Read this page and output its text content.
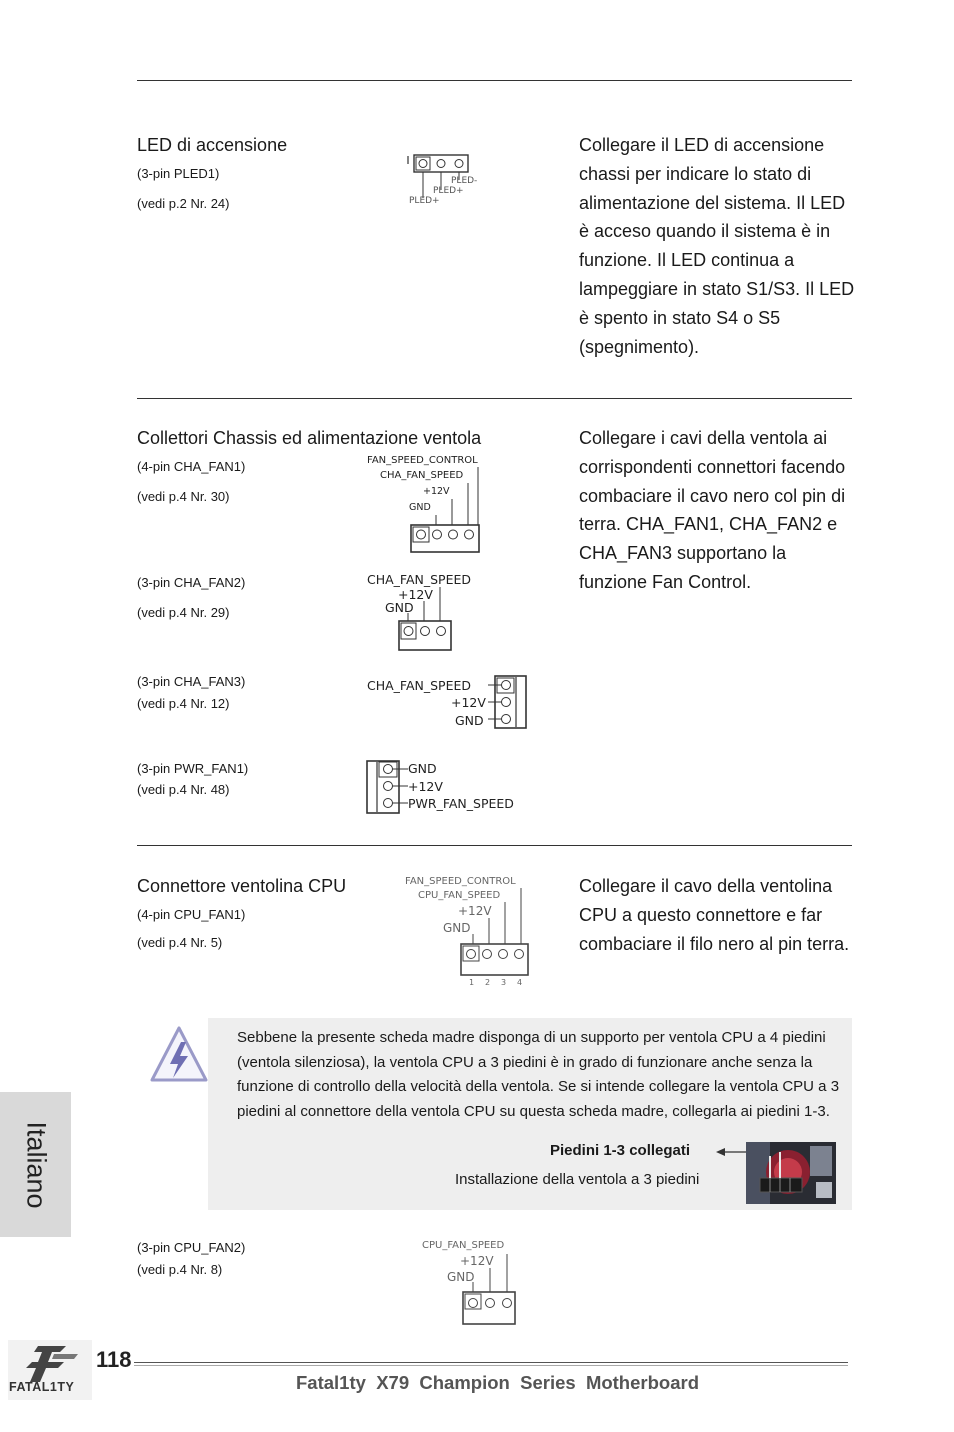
LED di accensione
(3-pin PLED1)
(vedi p.2 Nr. 24)
PLED-
PLED+
PLED+
Collegare il LED di accensione chassi per indicare lo stato di alimentazione del sistema. Il LED è acceso quando il sistema è in funzione. Il LED continua a lampeggiare in stato S1/S3. Il LED è spento in stato S4 o S5 (spegnimento).
Collettori Chassis ed alimentazione ventola	Collegare i cavi della ventola ai corrispondenti connettori facendo combaciare il cavo nero col pin di terra. CHA_FAN1, CHA_FAN2 e CHA_FAN3 supportano la funzione Fan Control.
(4-pin CHA_FAN1)
(vedi p.4 Nr. 30)
FAN_SPEED_CONTROL
CHA_FAN_SPEED
+12V
GND
(3-pin CHA_FAN2)
(vedi p.4 Nr. 29)
CHA_FAN_SPEED
+12V
GND
(3-pin CHA_FAN3)
(vedi p.4 Nr. 12)
CHA_FAN_SPEED
+12V
GND
(3-pin PWR_FAN1)
(vedi p.4 Nr. 48)
GND
+12V
PWR_FAN_SPEED
Connettore ventolina CPU
(4-pin CPU_FAN1)
(vedi p.4 Nr. 5)
FAN_SPEED_CONTROL
CPU_FAN_SPEED
+12V
GND
1 2 3 4
Collegare il cavo della ventolina CPU a questo connettore e far combaciare il filo nero al pin terra.
Sebbene la presente scheda madre disponga di un supporto per ventola CPU a 4 piedini (ventola silenziosa), la ventola CPU a 3 piedini è in grado di funzionare anche senza la funzione di controllo della velocità della ventola. Se si intende collegare la ventola CPU a 3 piedini al connettore della ventola CPU su questa scheda madre, collegarla ai piedini 1-3.
Piedini 1-3 collegati
Installazione della ventola a 3 piedini
(3-pin CPU_FAN2)
(vedi p.4 Nr. 8)
CPU_FAN_SPEED
+12V
GND
Italiano
FATAL1TY
118
Fatal1ty  X79  Champion  Series  Motherboard
